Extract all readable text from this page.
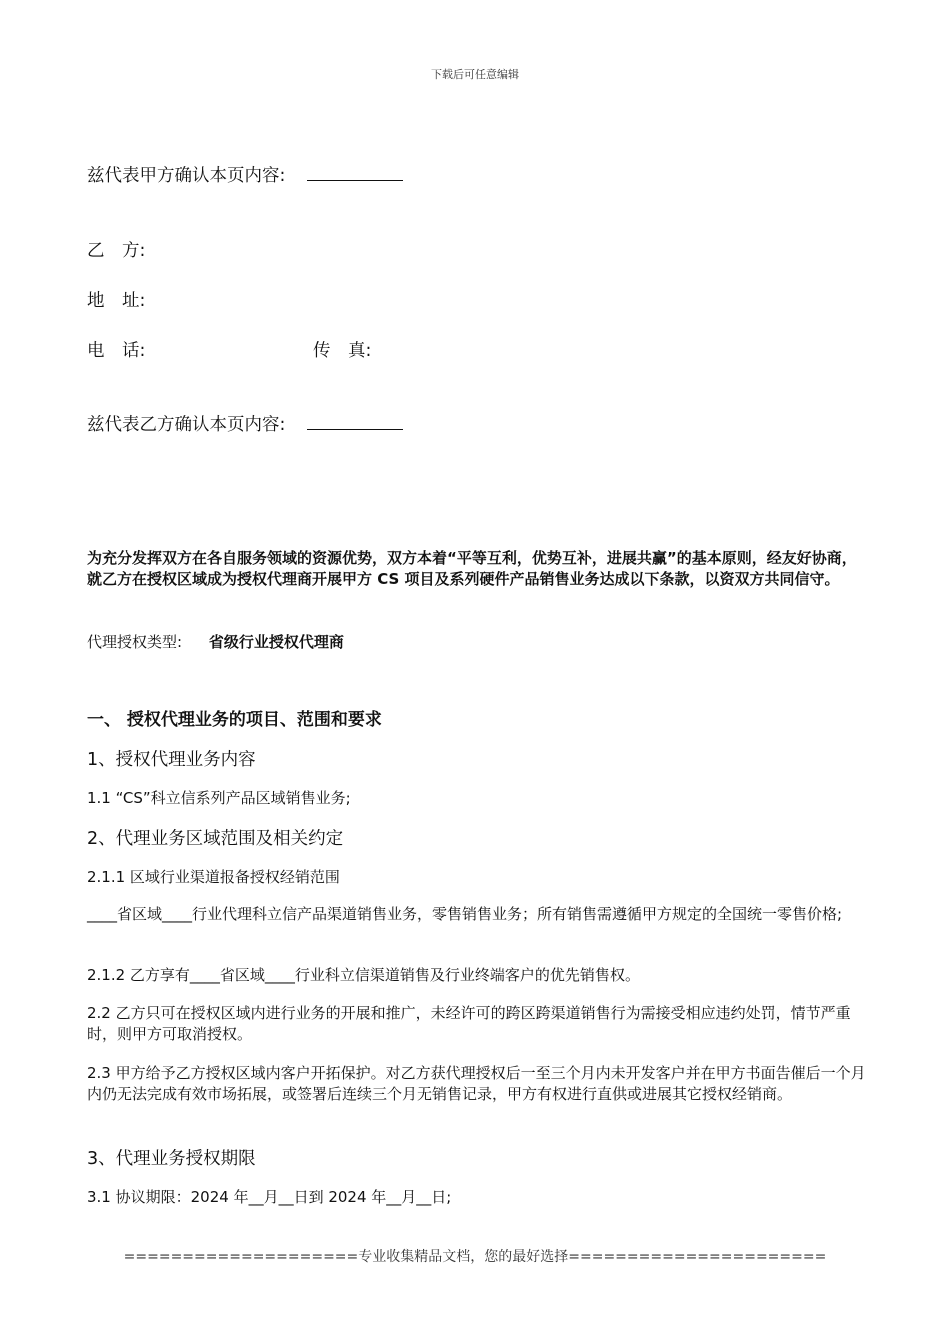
下载后可任意编辑
兹代表甲方确认本页内容:
乙　方:
地　址:
电　话:	传　真:
兹代表乙方确认本页内容:
为充分发挥双方在各自服务领域的资源优势，双方本着“平等互利，优势互补，进展共赢”的基本原则，经友好协商，就乙方在授权区域成为授权代理商开展甲方 CS 项目及系列硬件产品销售业务达成以下条款，以资双方共同信守。
代理授权类型: 省级行业授权代理商
一、 授权代理业务的项目、范围和要求
1、授权代理业务内容
1.1 “CS”科立信系列产品区域销售业务;
2、代理业务区域范围及相关约定
2.1.1 区域行业渠道报备授权经销范围
____省区域____行业代理科立信产品渠道销售业务，零售销售业务；所有销售需遵循甲方规定的全国统一零售价格;
2.1.2 乙方享有____省区域____行业科立信渠道销售及行业终端客户的优先销售权。
2.2 乙方只可在授权区域内进行业务的开展和推广，未经许可的跨区跨渠道销售行为需接受相应违约处罚，情节严重时，则甲方可取消授权。
2.3 甲方给予乙方授权区域内客户开拓保护。对乙方获代理授权后一至三个月内未开发客户并在甲方书面告催后一个月内仍无法完成有效市场拓展，或签署后连续三个月无销售记录，甲方有权进行直供或进展其它授权经销商。
3、代理业务授权期限
3.1 协议期限：2024 年__月__日到 2024 年__月__日;
====================专业收集精品文档，您的最好选择======================
